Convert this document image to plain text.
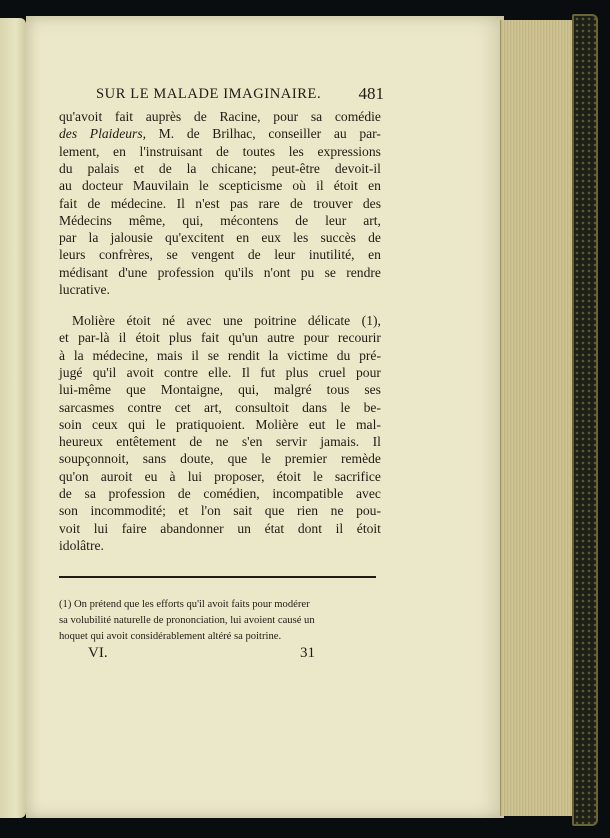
SUR LE MALADE IMAGINAIRE. 481
qu'avoit fait auprès de Racine, pour sa comédie
des Plaideurs, M. de Brilhac, conseiller au par-
lement, en l'instruisant de toutes les expressions
du palais et de la chicane; peut-être devoit-il
au docteur Mauvilain le scepticisme où il étoit en
fait de médecine. Il n'est pas rare de trouver des
Médecins même, qui, mécontens de leur art,
par la jalousie qu'excitent en eux les succès de
leurs confrères, se vengent de leur inutilité, en
médisant d'une profession qu'ils n'ont pu se rendre
lucrative.
Molière étoit né avec une poitrine délicate (1),
et par-là il étoit plus fait qu'un autre pour recourir
à la médecine, mais il se rendit la victime du pré-
jugé qu'il avoit contre elle. Il fut plus cruel pour
lui-même que Montaigne, qui, malgré tous ses
sarcasmes contre cet art, consultoit dans le be-
soin ceux qui le pratiquoient. Molière eut le mal-
heureux entêtement de ne s'en servir jamais. Il
soupçonnoit, sans doute, que le premier remède
qu'on auroit eu à lui proposer, étoit le sacrifice
de sa profession de comédien, incompatible avec
son incommodité; et l'on sait que rien ne pou-
voit lui faire abandonner un état dont il étoit
idolâtre.
(1) On prétend que les efforts qu'il avoit faits pour modérer
sa volubilité naturelle de prononciation, lui avoient causé un
hoquet qui avoit considérablement altéré sa poitrine.
VI.	31
